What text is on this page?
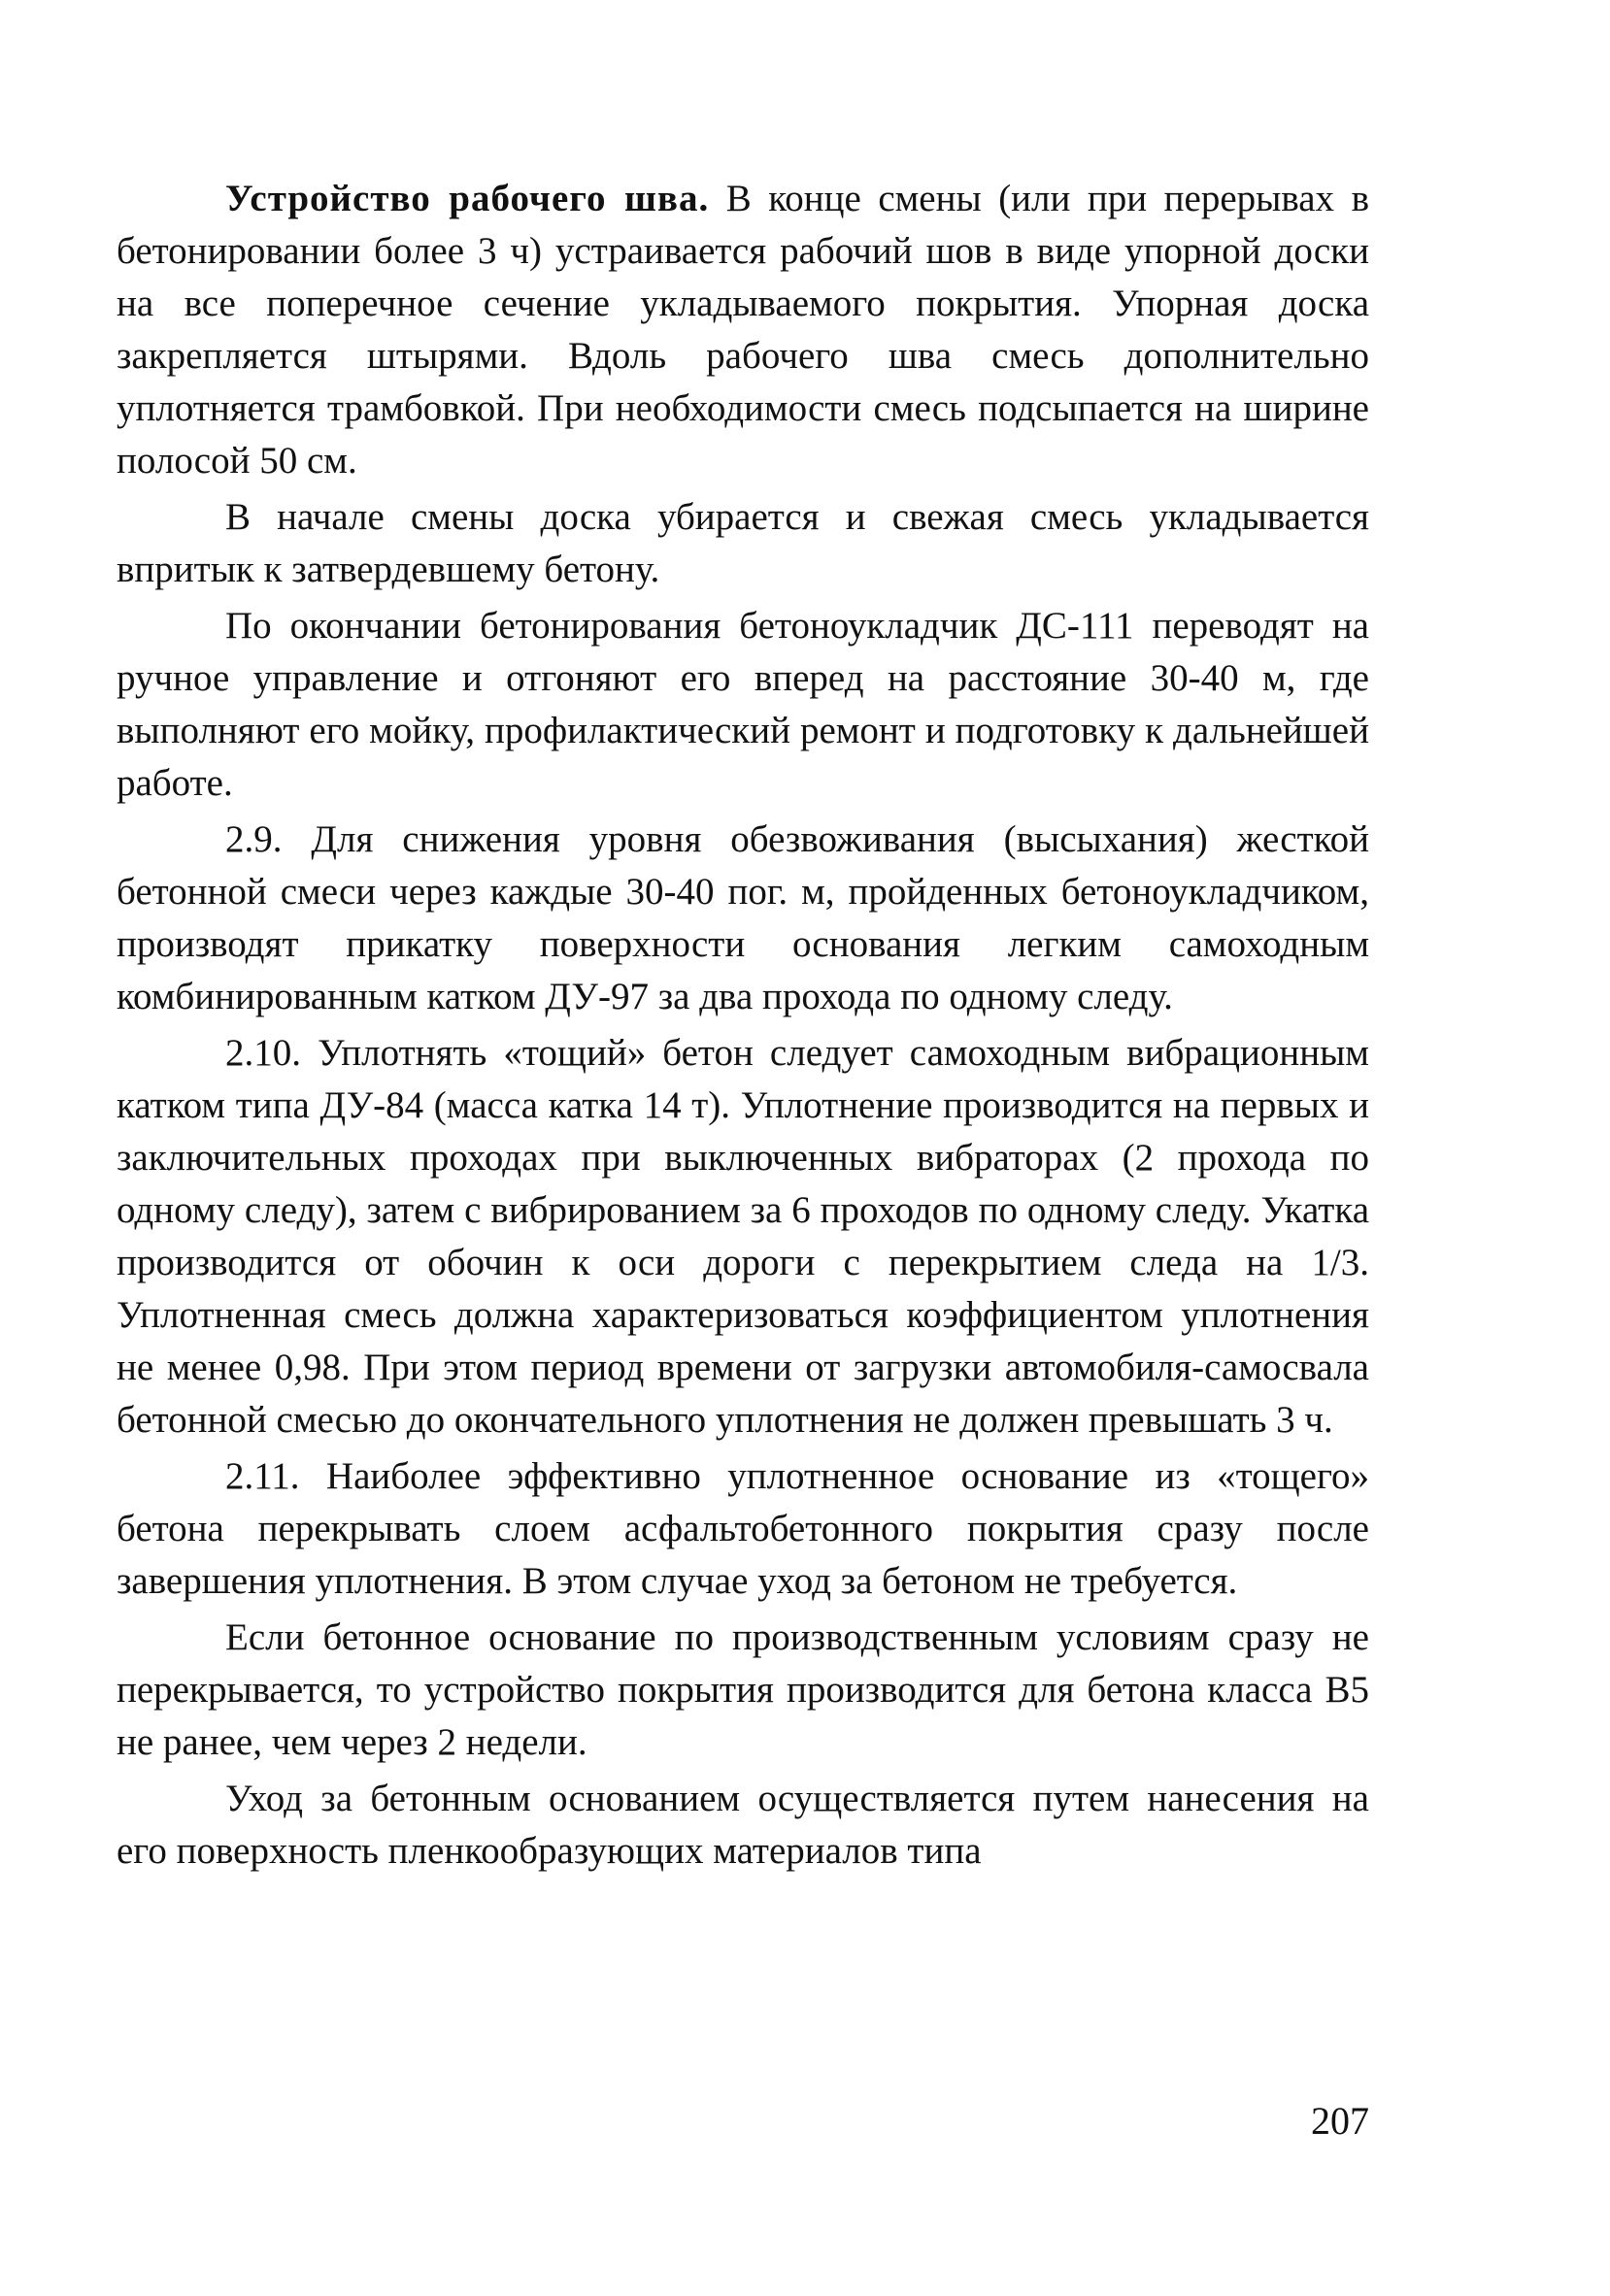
Устройство рабочего шва. В конце смены (или при перерывах в бетонировании более 3 ч) устраивается рабочий шов в виде упорной доски на все поперечное сечение укладываемого покрытия. Упорная доска закрепляется штырями. Вдоль рабочего шва смесь дополнительно уплотняется трамбовкой. При необходимости смесь подсыпается на ширине полосой 50 см.

В начале смены доска убирается и свежая смесь укладывается впритык к затвердевшему бетону.

По окончании бетонирования бетоноукладчик ДС-111 переводят на ручное управление и отгоняют его вперед на расстояние 30-40 м, где выполняют его мойку, профилактический ремонт и подготовку к дальнейшей работе.

2.9. Для снижения уровня обезвоживания (высыхания) жесткой бетонной смеси через каждые 30-40 пог. м, пройденных бетоноукладчиком, производят прикатку поверхности основания легким самоходным комбинированным катком ДУ-97 за два прохода по одному следу.

2.10. Уплотнять «тощий» бетон следует самоходным вибрационным катком типа ДУ-84 (масса катка 14 т). Уплотнение производится на первых и заключительных проходах при выключенных вибраторах (2 прохода по одному следу), затем с вибрированием за 6 проходов по одному следу. Укатка производится от обочин к оси дороги с перекрытием следа на 1/3. Уплотненная смесь должна характеризоваться коэффициентом уплотнения не менее 0,98. При этом период времени от загрузки автомобиля-самосвала бетонной смесью до окончательного уплотнения не должен превышать 3 ч.

2.11. Наиболее эффективно уплотненное основание из «тощего» бетона перекрывать слоем асфальтобетонного покрытия сразу после завершения уплотнения. В этом случае уход за бетоном не требуется.

Если бетонное основание по производственным условиям сразу не перекрывается, то устройство покрытия производится для бетона класса В5 не ранее, чем через 2 недели.

Уход за бетонным основанием осуществляется путем нанесения на его поверхность пленкообразующих материалов типа

207
